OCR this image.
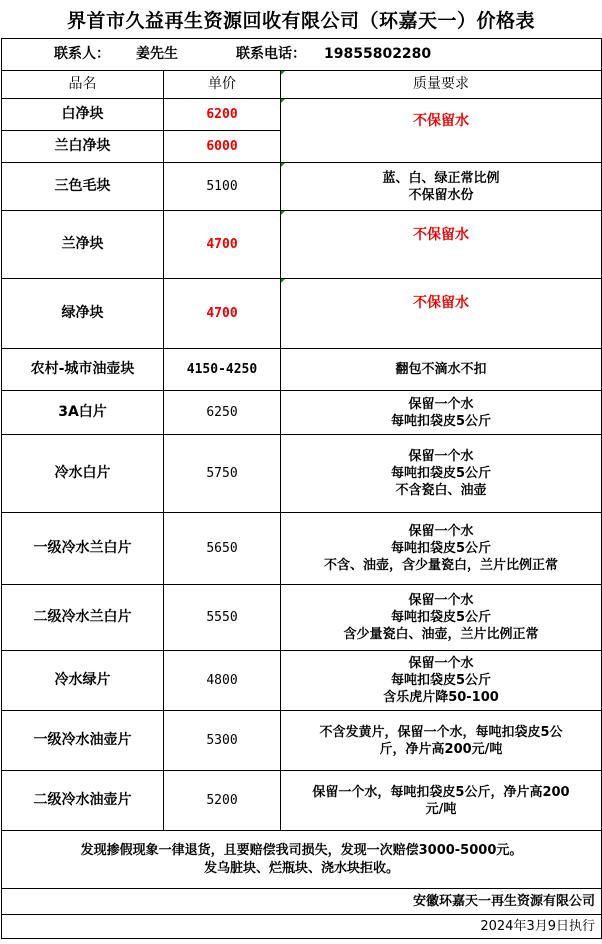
界首市久益再生资源回收有限公司（环嘉天一）价格表
联系人： 姜先生 联系电话： 19855802280		
品名	单价	质量要求
白净块	6200	不保留水
兰白净块	6000	
三色毛块	5100	蓝、白、绿正常比例
不保留水份

兰净块	4700	不保留水
绿净块	4700	不保留水
农村-城市油壶块	4150-4250	翻包不滴水不扣
3A白片	6250	保留一个水
每吨扣袋皮5公斤

冷水白片	5750	保留一个水
每吨扣袋皮5公斤
不含瓷白、油壶

一级冷水兰白片	5650	保留一个水
每吨扣袋皮5公斤
不含、油壶，含少量瓷白，兰片比例正常

二级冷水兰白片	5550	保留一个水
每吨扣袋皮5公斤
含少量瓷白、油壶，兰片比例正常

冷水绿片	4800	保留一个水
每吨扣袋皮5公斤
含乐虎片降50-100

一级冷水油壶片	5300	不含发黄片，保留一个水，每吨扣袋皮5公
斤，净片高200元/吨

二级冷水油壶片	5200	保留一个水，每吨扣袋皮5公斤，净片高200
元/吨

发现掺假现象一律退货，且要赔偿我司损失，发现一次赔偿3000-5000元。
发乌脏块、烂瓶块、浇水块拒收。		

安徽环嘉天一再生资源有限公司		
2024年3月9日执行		
